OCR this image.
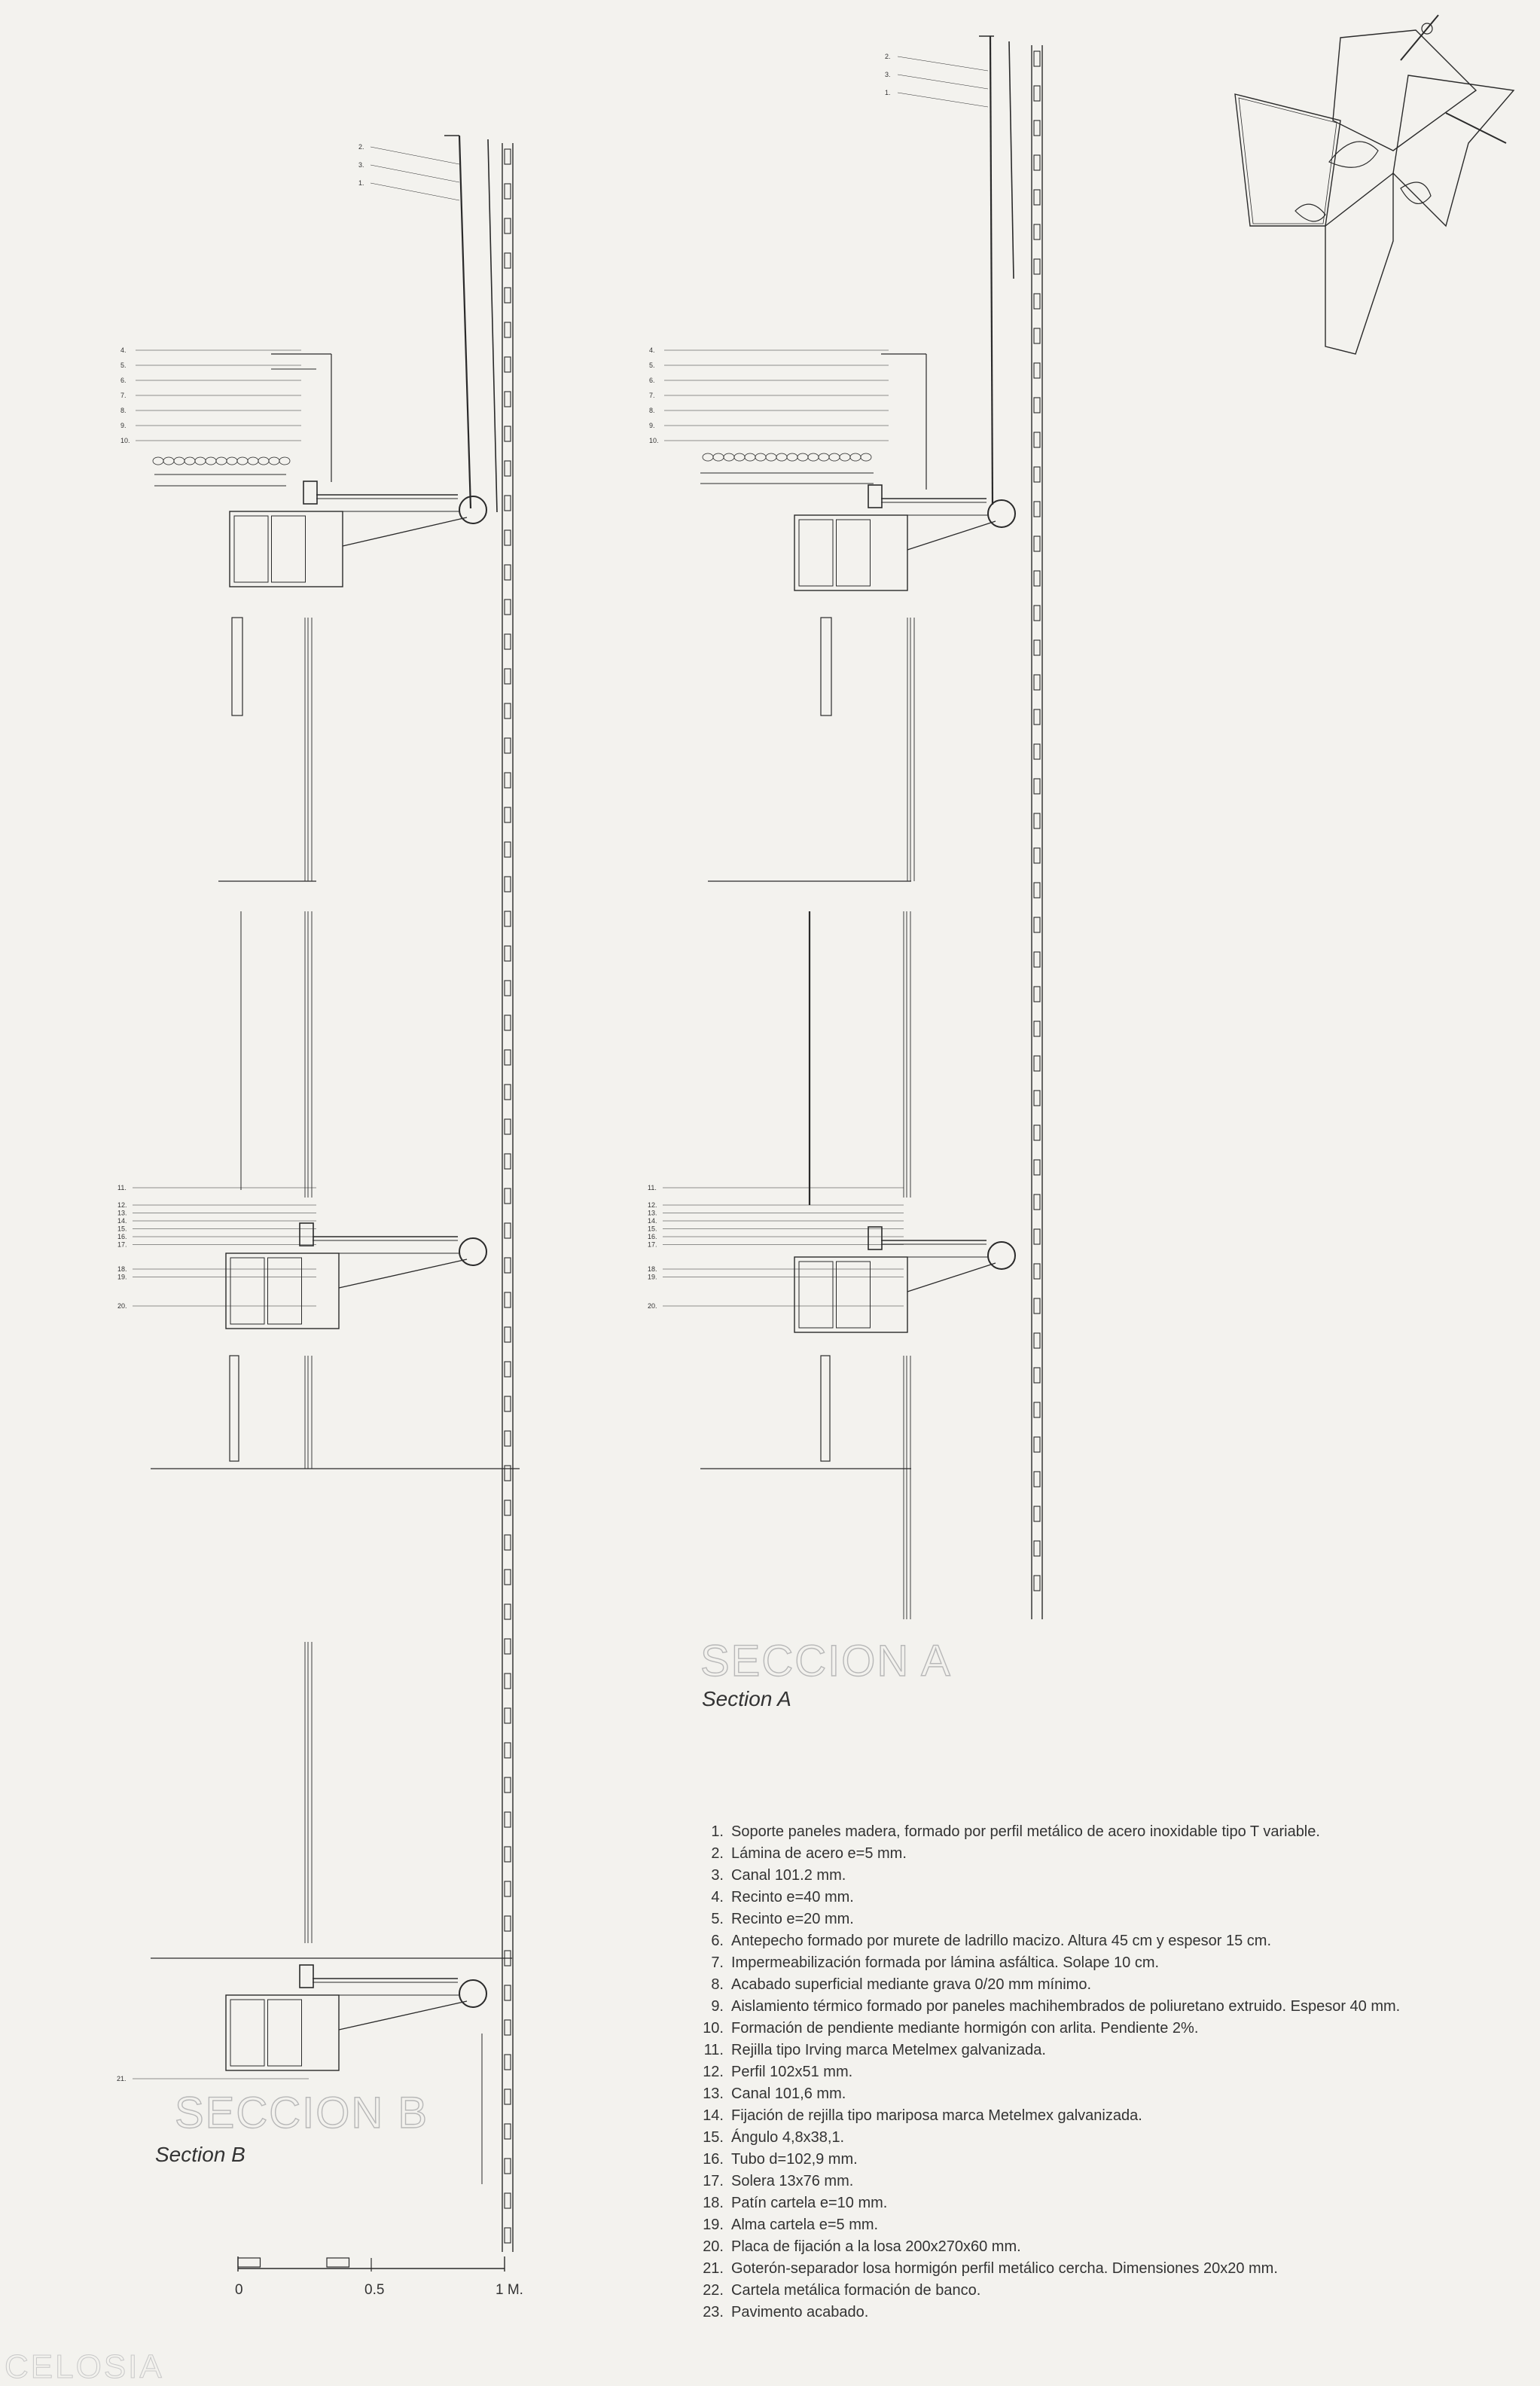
2.
3.
1.
4.
5.
6.
7.
8.
9.
10.
11.
12.
13.
14.
15.
16.
17.
18.
19.
20.
21.
2.
3.
1.
4.
5.
6.
7.
8.
9.
10.
11.
12.
13.
14.
15.
16.
17.
18.
19.
20.
SECCION A
Section A
SECCION B
Section B
1. Soporte paneles madera, formado por perfil metálico de acero inoxidable tipo T variable.
2. Lámina de acero e=5 mm.
3. Canal 101.2 mm.
4. Recinto e=40 mm.
5. Recinto e=20 mm.
6. Antepecho formado por murete de ladrillo macizo. Altura 45 cm y espesor 15 cm.
7. Impermeabilización formada por lámina asfáltica. Solape 10 cm.
8. Acabado superficial mediante grava 0/20 mm mínimo.
9. Aislamiento térmico formado por paneles machihembrados de poliuretano extruido. Espesor 40 mm.
10. Formación de pendiente mediante hormigón con arlita. Pendiente 2%.
11. Rejilla tipo Irving marca Metelmex galvanizada.
12. Perfil 102x51 mm.
13. Canal 101,6 mm.
14. Fijación de rejilla tipo mariposa marca Metelmex galvanizada.
15. Ángulo 4,8x38,1.
16. Tubo d=102,9 mm.
17. Solera 13x76 mm.
18. Patín cartela e=10 mm.
19. Alma cartela e=5 mm.
20. Placa de fijación a la losa 200x270x60 mm.
21. Goterón-separador losa hormigón perfil metálico cercha. Dimensiones 20x20 mm.
22. Cartela metálica formación de banco.
23. Pavimento acabado.
0	0.5	1 M.
CELOSIA
